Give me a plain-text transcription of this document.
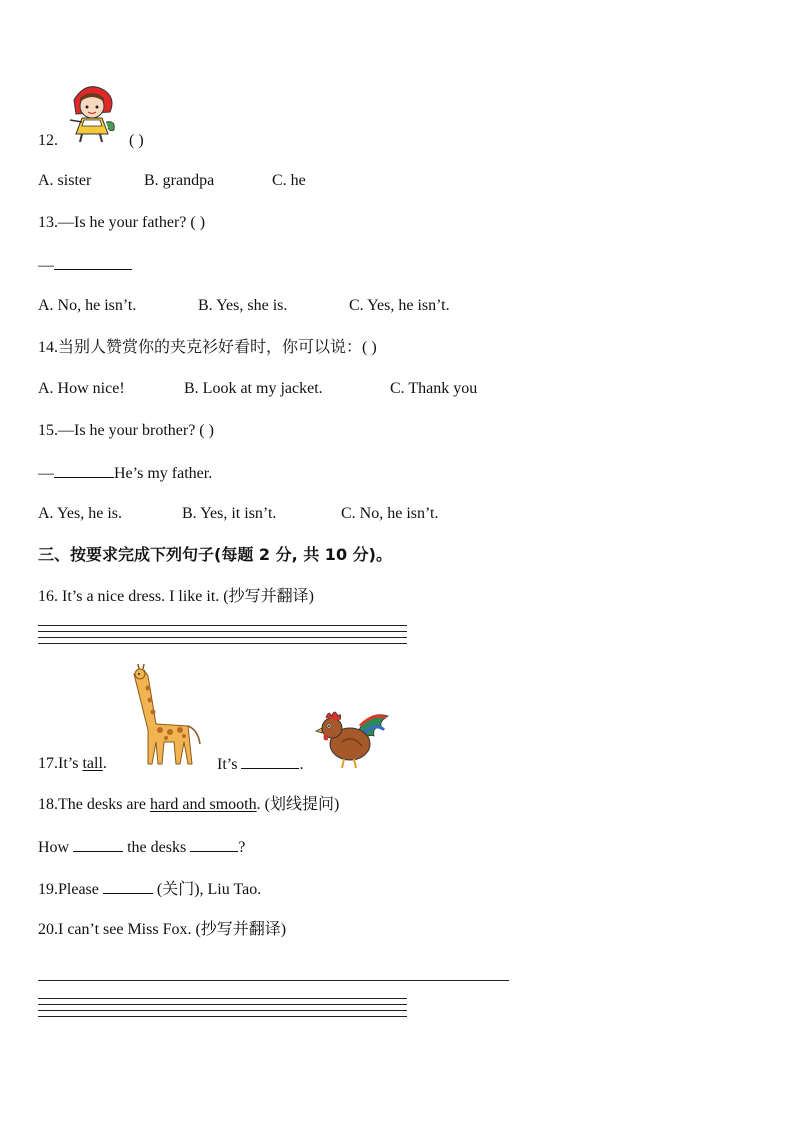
12.	( )
A. sister	B. grandpa	C. he
13.—Is he your father? ( )
—
A. No, he isn’t.	B. Yes, she is.	C. Yes, he isn’t.
14.当别人赞赏你的夹克衫好看时，你可以说：( )
A. How nice!	B. Look at my jacket.	C. Thank you
15.—Is he your brother? ( )
—	He’s my father.
A. Yes, he is.	B. Yes, it isn’t.	C. No, he isn’t.
三、按要求完成下列句子(每题 2 分, 共 10 分)。
16. It’s a nice dress. I like it. (抄写并翻译)
17.It’s tall.	It’s	.
18.The desks are hard and smooth. (划线提问)
How	the desks	?
19.Please	(关门), Liu Tao.
20.I can’t see Miss Fox. (抄写并翻译)
